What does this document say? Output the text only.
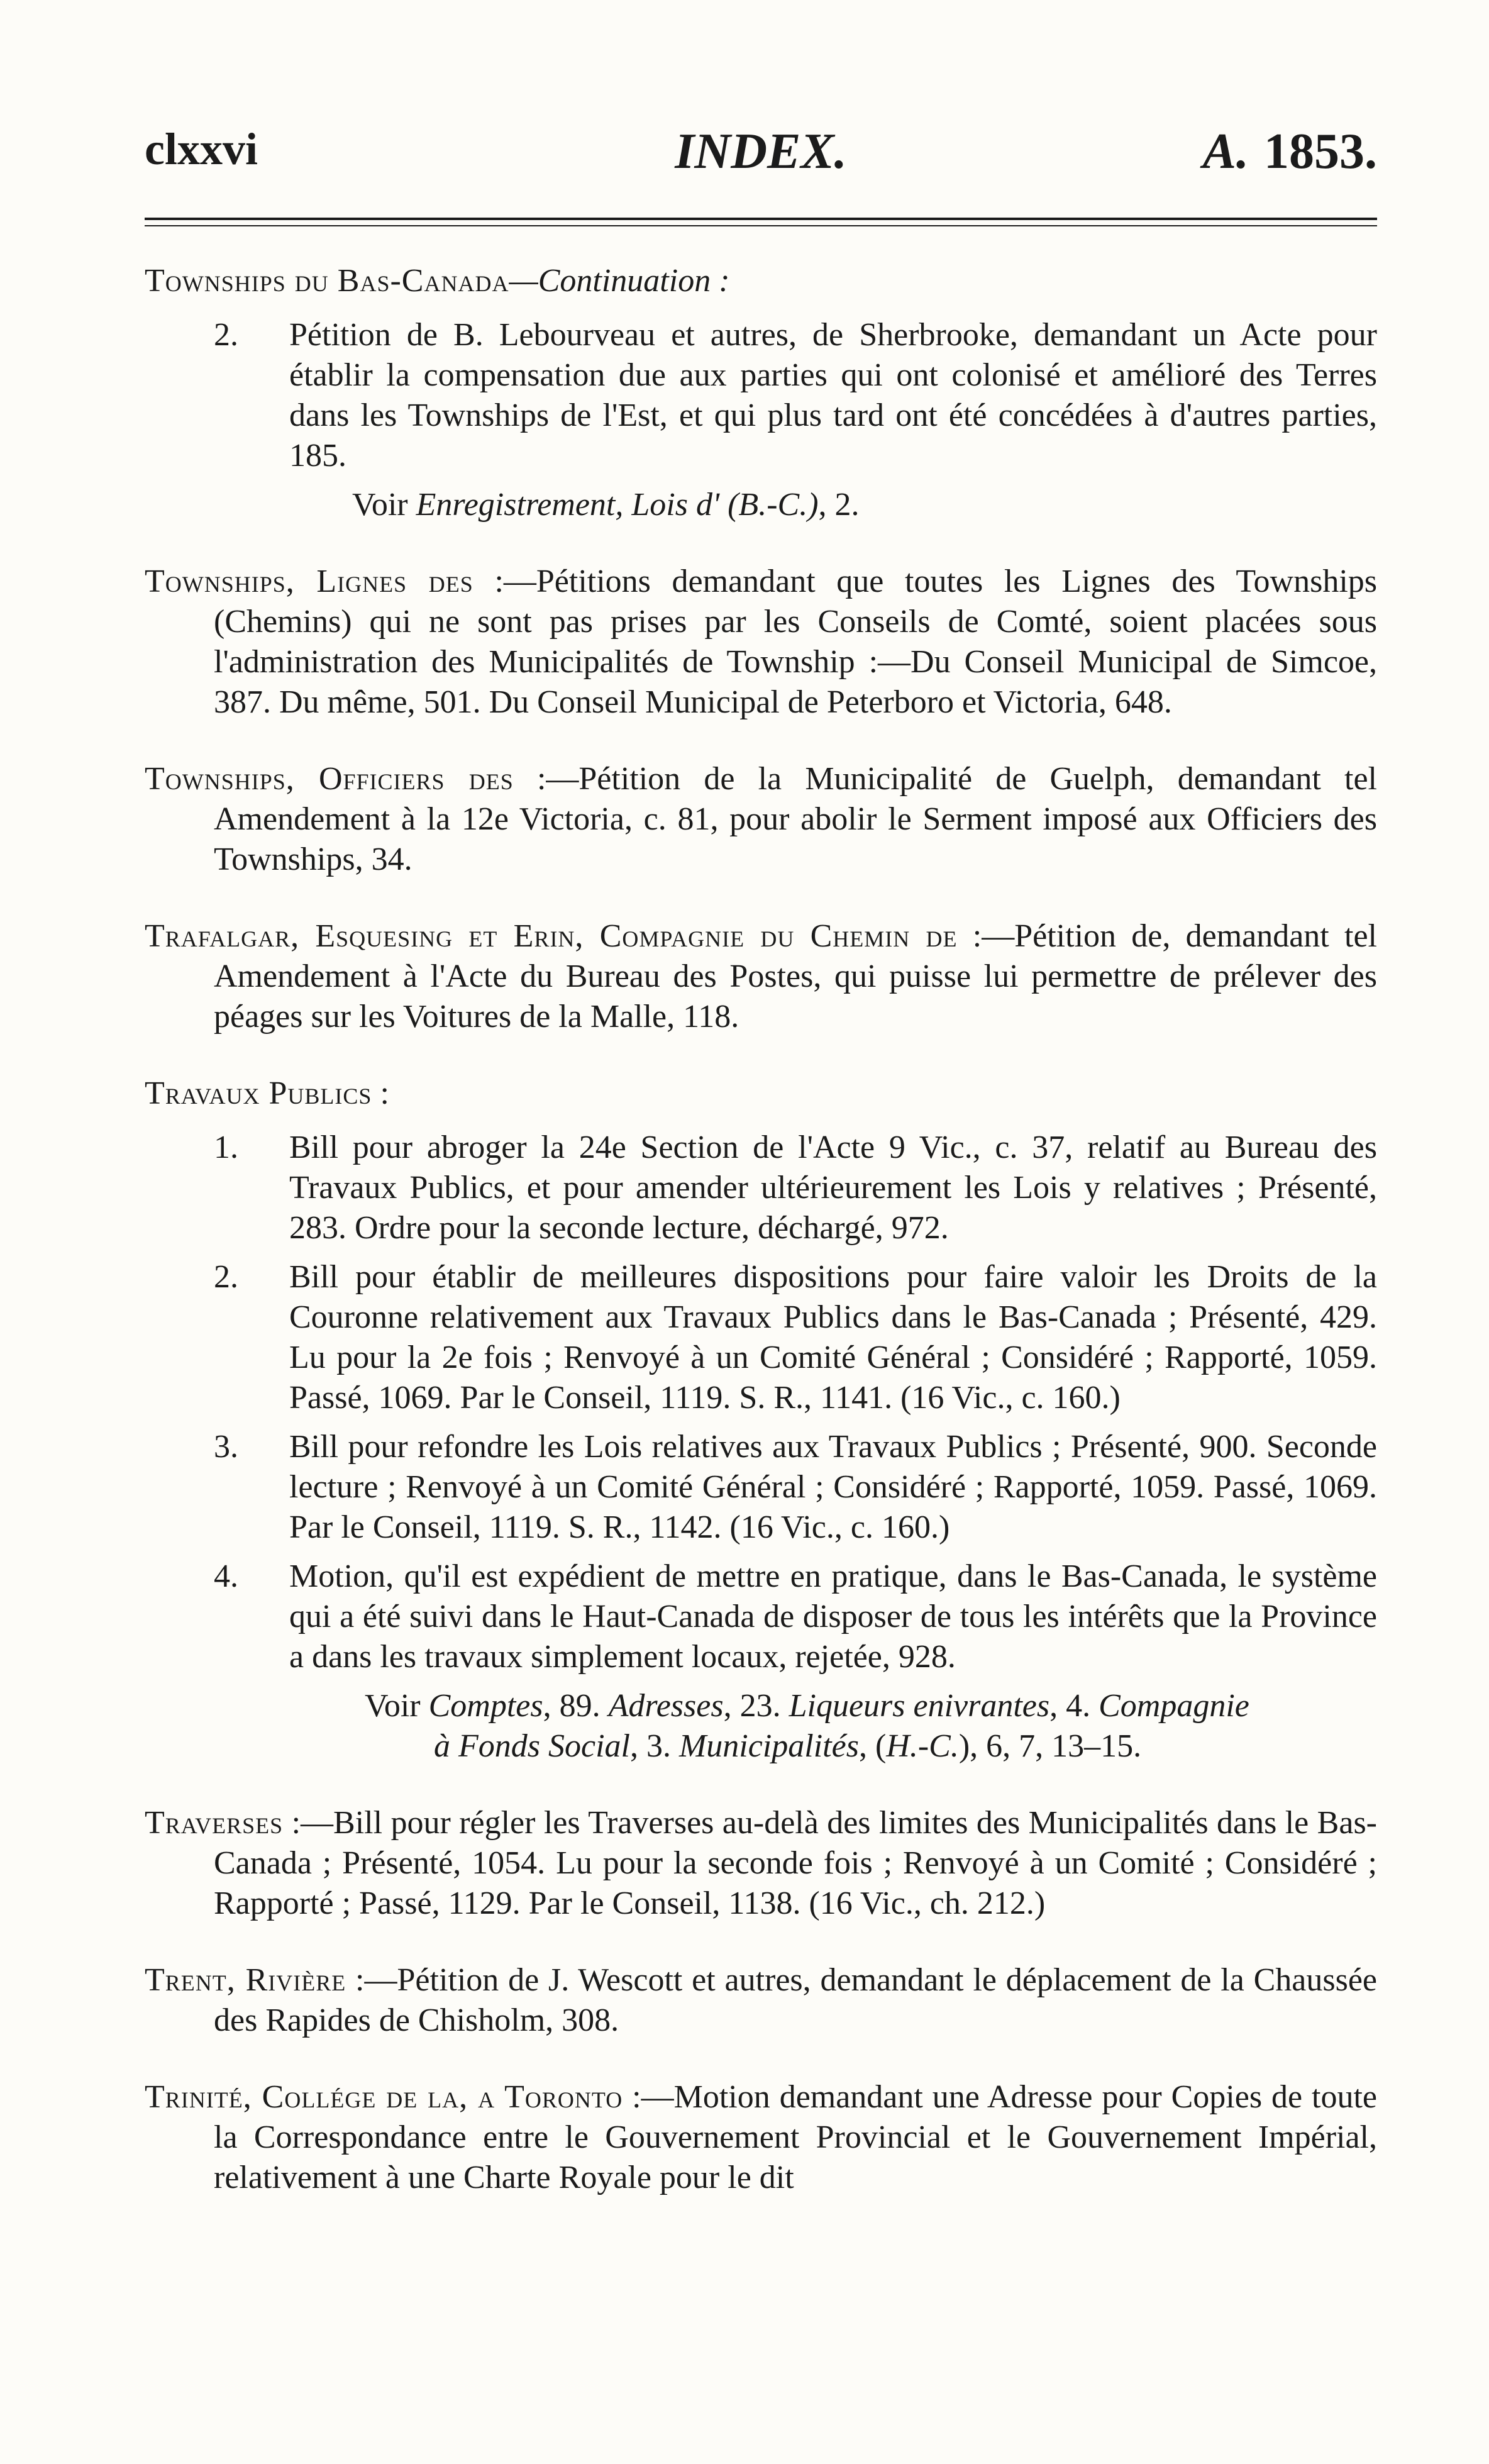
clxxvi	INDEX.	A. 1853.

Townships du Bas-Canada—Continuation :

2.	Pétition de B. Lebourveau et autres, de Sherbrooke, demandant un Acte pour établir la compensation due aux parties qui ont colonisé et amélioré des Terres dans les Townships de l'Est, et qui plus tard ont été concédées à d'autres parties, 185.

Voir Enregistrement, Lois d' (B.-C.), 2.

Townships, Lignes des :—Pétitions demandant que toutes les Lignes des Townships (Chemins) qui ne sont pas prises par les Conseils de Comté, soient placées sous l'administration des Municipalités de Township :—Du Conseil Municipal de Simcoe, 387. Du même, 501. Du Conseil Municipal de Peterboro et Victoria, 648.

Townships, Officiers des :—Pétition de la Municipalité de Guelph, demandant tel Amendement à la 12e Victoria, c. 81, pour abolir le Serment imposé aux Officiers des Townships, 34.

Trafalgar, Esquesing et Erin, Compagnie du Chemin de :—Pétition de, demandant tel Amendement à l'Acte du Bureau des Postes, qui puisse lui permettre de prélever des péages sur les Voitures de la Malle, 118.

Travaux Publics :

1.	Bill pour abroger la 24e Section de l'Acte 9 Vic., c. 37, relatif au Bureau des Travaux Publics, et pour amender ultérieurement les Lois y relatives ; Présenté, 283. Ordre pour la seconde lecture, déchargé, 972.
2.	Bill pour établir de meilleures dispositions pour faire valoir les Droits de la Couronne relativement aux Travaux Publics dans le Bas-Canada ; Présenté, 429. Lu pour la 2e fois ; Renvoyé à un Comité Général ; Considéré ; Rapporté, 1059. Passé, 1069. Par le Conseil, 1119. S. R., 1141. (16 Vic., c. 160.)
3.	Bill pour refondre les Lois relatives aux Travaux Publics ; Présenté, 900. Seconde lecture ; Renvoyé à un Comité Général ; Considéré ; Rapporté, 1059. Passé, 1069. Par le Conseil, 1119. S. R., 1142. (16 Vic., c. 160.)
4.	Motion, qu'il est expédient de mettre en pratique, dans le Bas-Canada, le système qui a été suivi dans le Haut-Canada de disposer de tous les intérêts que la Province a dans les travaux simplement locaux, rejetée, 928.

Voir Comptes, 89. Adresses, 23. Liqueurs enivrantes, 4. Compagnie
à Fonds Social, 3. Municipalités, (H.-C.), 6, 7, 13–15.

Traverses :—Bill pour régler les Traverses au-delà des limites des Municipalités dans le Bas-Canada ; Présenté, 1054. Lu pour la seconde fois ; Renvoyé à un Comité ; Considéré ; Rapporté ; Passé, 1129. Par le Conseil, 1138. (16 Vic., ch. 212.)

Trent, Rivière :—Pétition de J. Wescott et autres, demandant le déplacement de la Chaussée des Rapides de Chisholm, 308.

Trinité, Collége de la, a Toronto :—Motion demandant une Adresse pour Copies de toute la Correspondance entre le Gouvernement Provincial et le Gouvernement Impérial, relativement à une Charte Royale pour le dit
